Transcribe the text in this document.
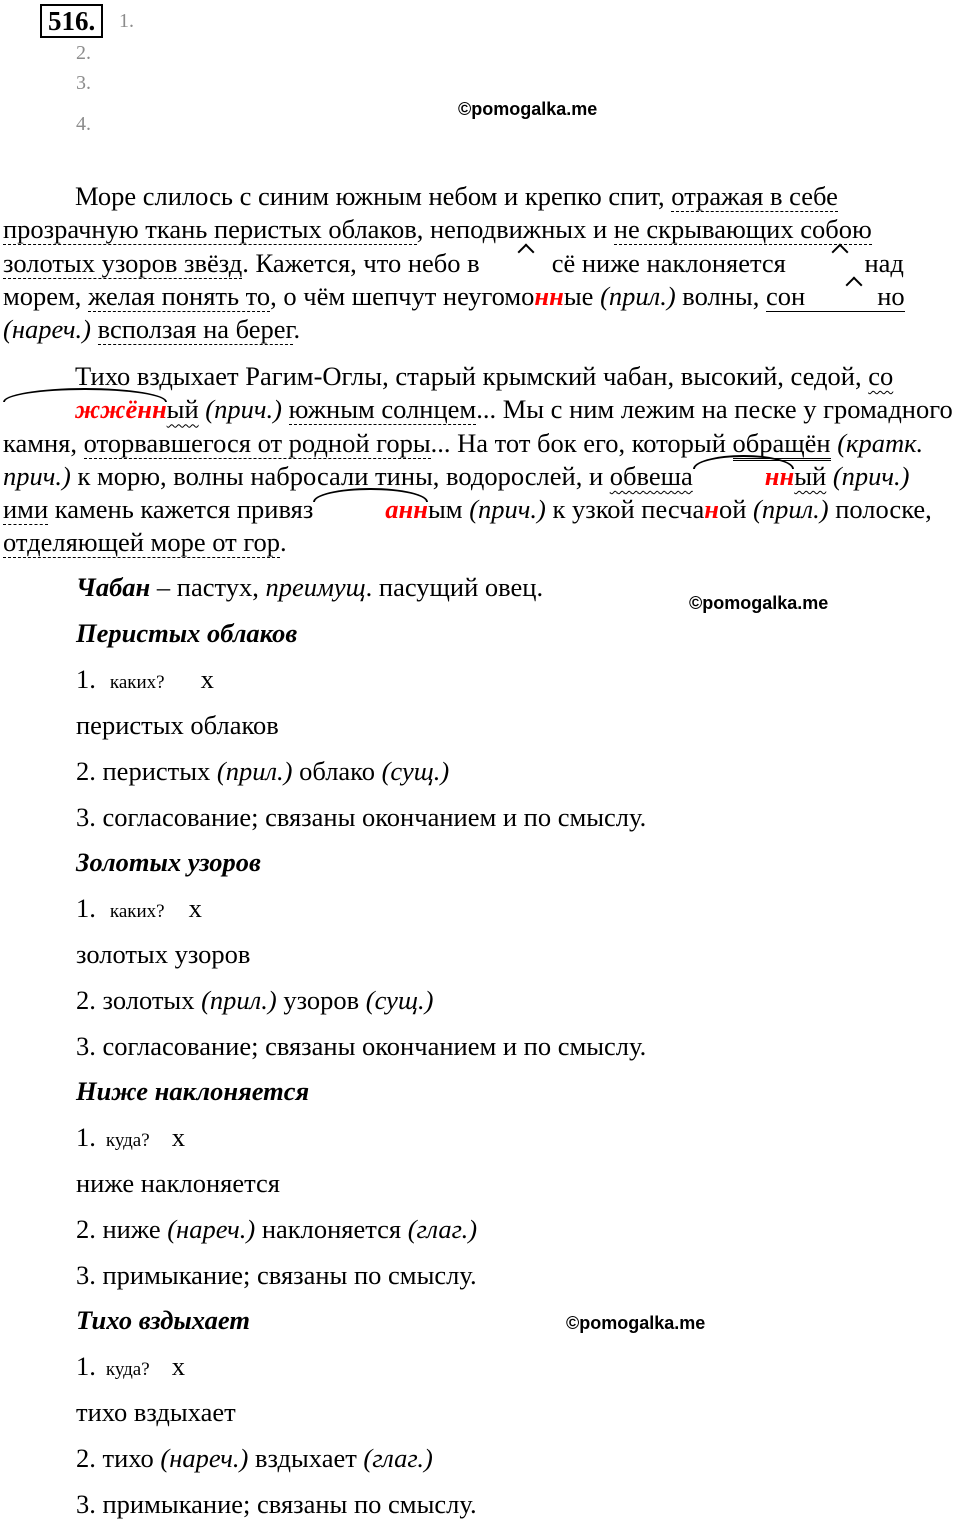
516.	1.
2.
3.
4.
©pomogalka.me

Море слилось с синим южным небом и крепко спит, отражая в себе прозрачную ткань перистых облаков, неподвижных и не скрывающих собою золотых узоров звёзд. Кажется, что небо в	сё ниже наклоняется	над морем, желая понять то, о чём шепчут неугомонные (прил.) волны, сон	но (нареч.) всползая на берег.

Тихо вздыхает Рагим-Оглы, старый крымский чабан, высокий, седой, сожжённый (прич.) южным солнцем... Мы с ним лежим на песке у громадного камня, оторвавшегося от родной горы... На тот бок его, который обращён (кратк. прич.) к морю, волны набросали тины, водорослей, и обвеша	нный (прич.) ими камень кажется привяз	анным (прич.) к узкой песчаной (прил.) полоске, отделяющей море от гор.

Чабан – пастух, преимущ. пасущий овец.
©pomogalka.me
Перистых облаков
1. каких? х
перистых облаков
2. перистых (прил.) облако (сущ.)
3. согласование; связаны окончанием и по смыслу.
Золотых узоров
1. каких? х
золотых узоров
2. золотых (прил.) узоров (сущ.)
3. согласование; связаны окончанием и по смыслу.
Ниже наклоняется
1. куда? х
ниже наклоняется
2. ниже (нареч.) наклоняется (глаг.)
3. примыкание; связаны по смыслу.
Тихо вздыхает	©pomogalka.me
1. куда? х
тихо вздыхает
2. тихо (нареч.) вздыхает (глаг.)
3. примыкание; связаны по смыслу.
